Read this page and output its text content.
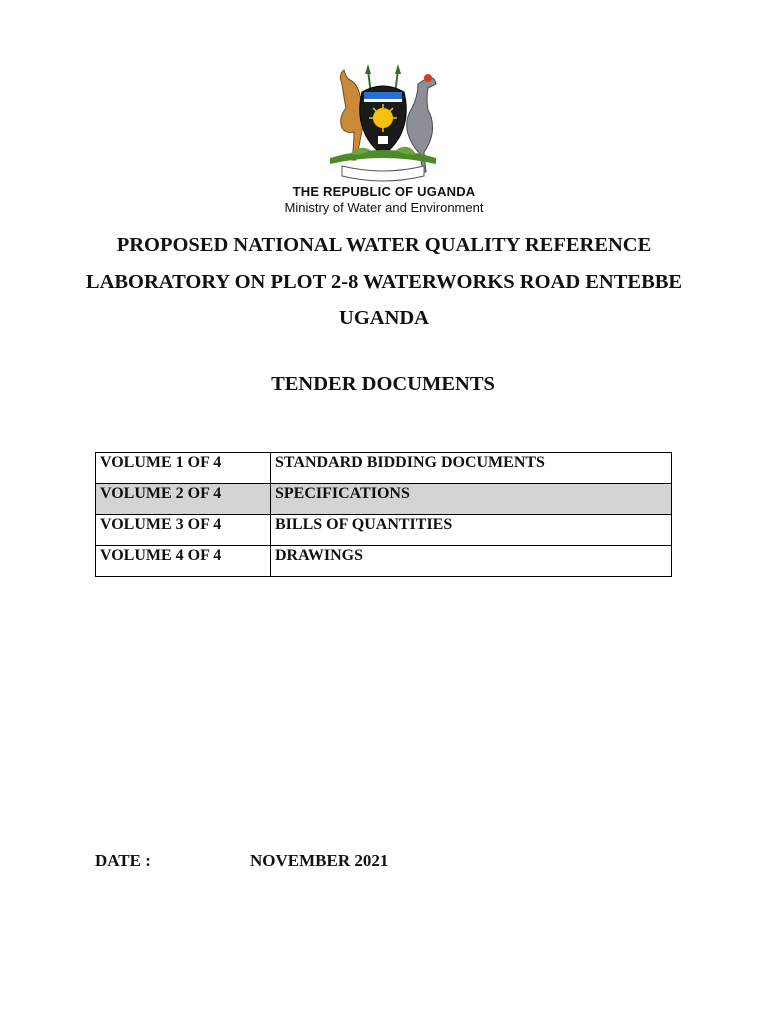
THE REPUBLIC OF UGANDA
Ministry of Water and Environment
PROPOSED NATIONAL WATER QUALITY REFERENCE
LABORATORY ON PLOT 2-8 WATERWORKS ROAD ENTEBBE
UGANDA
TENDER DOCUMENTS
VOLUME 1 OF 4	STANDARD BIDDING DOCUMENTS
VOLUME 2 OF 4	SPECIFICATIONS
VOLUME 3 OF 4	BILLS OF QUANTITIES
VOLUME 4 OF 4	DRAWINGS
DATE :	NOVEMBER 2021
